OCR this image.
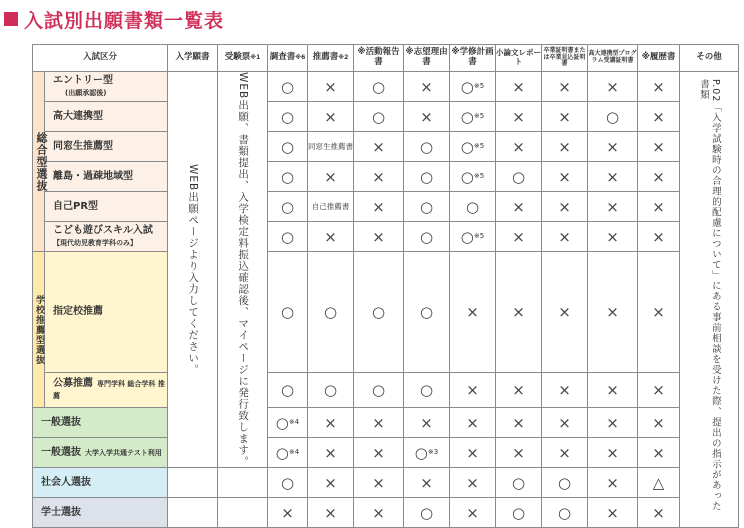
入試別出願書類一覧表
入試区分		入学願書	受験票※1	調査書※6	推薦書※2	※活動報告書	※志望理由書	※学修計画書	小論文レポート	卒業証明書または卒業見込証明書	高大連携型プログラム受講証明書	※履歴書	その他

総合型選抜	エントリー型
(出願承認後)	WEB出願ページより入力してください。	WEB出願、書類提出、入学検定料振込確認後、マイページに発行致します。	○	×	○	×	○$^{※5}$	×	×	×	×	P.02「入学試験時の合理的配慮について」にある事前相談を受けた際、提出の指示があった書類

	高大連携型			○	×	○	×	○$^{※5}$	×	×	○	×	
	同窓生推薦型			○	同窓生推薦書	×	○	○$^{※5}$	×	×	×	×	
	離島・過疎地域型			○	×	×	○	○$^{※5}$	○	×	×	×	
	自己PR型			○	自己推薦書	×	○	○	×	×	×	×	
	こども遊びスキル入試
【現代幼児教育学科のみ】			○	×	×	○	○$^{※5}$	×	×	×	×	

学校推薦型選抜	指定校推薦			○	○	○	○	×	×	×	×	×	
	公募推薦 専門学科 総合学科 推薦			○	○	○	○	×	×	×	×	×	
一般選抜				○$^{※4}$	×	×	×	×	×	×	×	×	
一般選抜 大学入学共通テスト利用				○$^{※4}$	×	×	○$^{※3}$	×	×	×	×	×	
社会人選抜				○	×	×	×	×	○	○	×	△	
学士選抜				×	×	×	○	×	○	○	×	×	
